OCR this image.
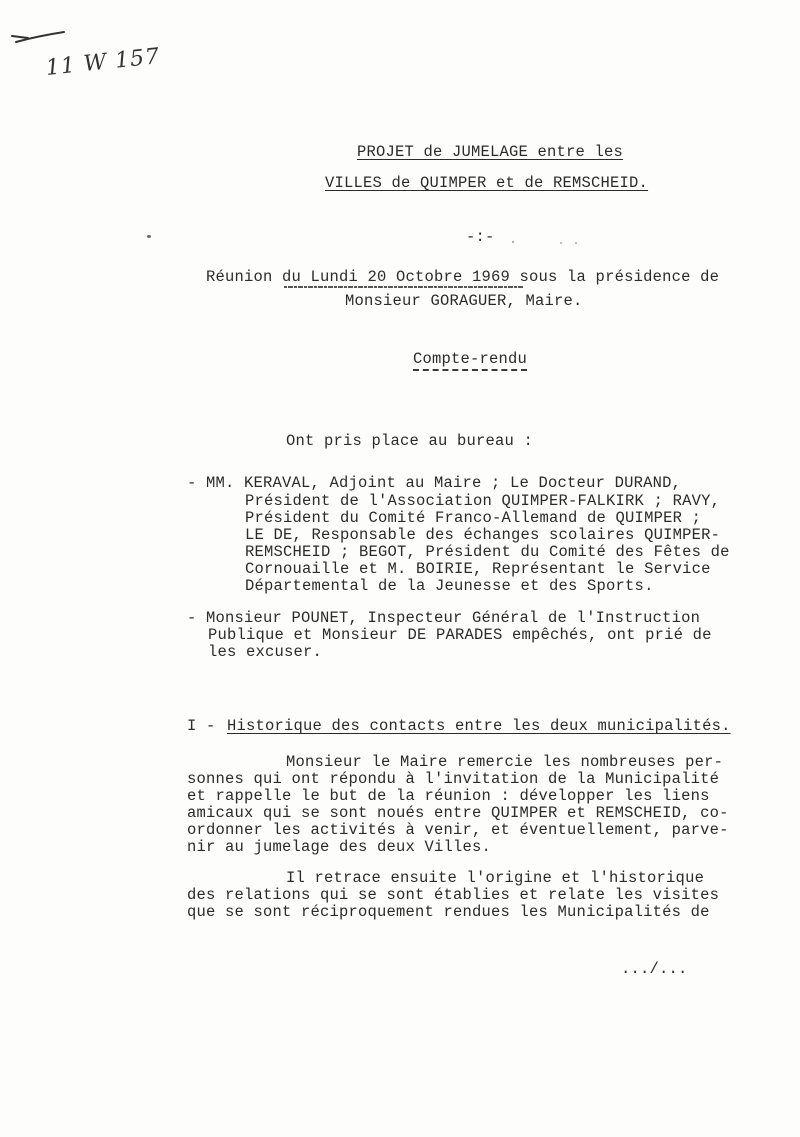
11 W 157
PROJET de JUMELAGE entre les
VILLES de QUIMPER et de REMSCHEID.
-:-
Réunion du Lundi 20 Octobre 1969 sous la présidence de
Monsieur GORAGUER, Maire.
Compte-rendu
Ont pris place au bureau :
- MM. KERAVAL, Adjoint au Maire ; Le Docteur DURAND,
Président de l'Association QUIMPER-FALKIRK ; RAVY,
Président du Comité Franco-Allemand de QUIMPER ;
LE DE, Responsable des échanges scolaires QUIMPER-
REMSCHEID ; BEGOT, Président du Comité des Fêtes de
Cornouaille et M. BOIRIE, Représentant le Service
Départemental de la Jeunesse et des Sports.
- Monsieur POUNET, Inspecteur Général de l'Instruction
Publique et Monsieur DE PARADES empêchés, ont prié de
les excuser.
I - Historique des contacts entre les deux municipalités.
Monsieur le Maire remercie les nombreuses per-
sonnes qui ont répondu à l'invitation de la Municipalité
et rappelle le but de la réunion : développer les liens
amicaux qui se sont noués entre QUIMPER et REMSCHEID, co-
ordonner les activités à venir, et éventuellement, parve-
nir au jumelage des deux Villes.
Il retrace ensuite l'origine et l'historique
des relations qui se sont établies et relate les visites
que se sont réciproquement rendues les Municipalités de
.../...
